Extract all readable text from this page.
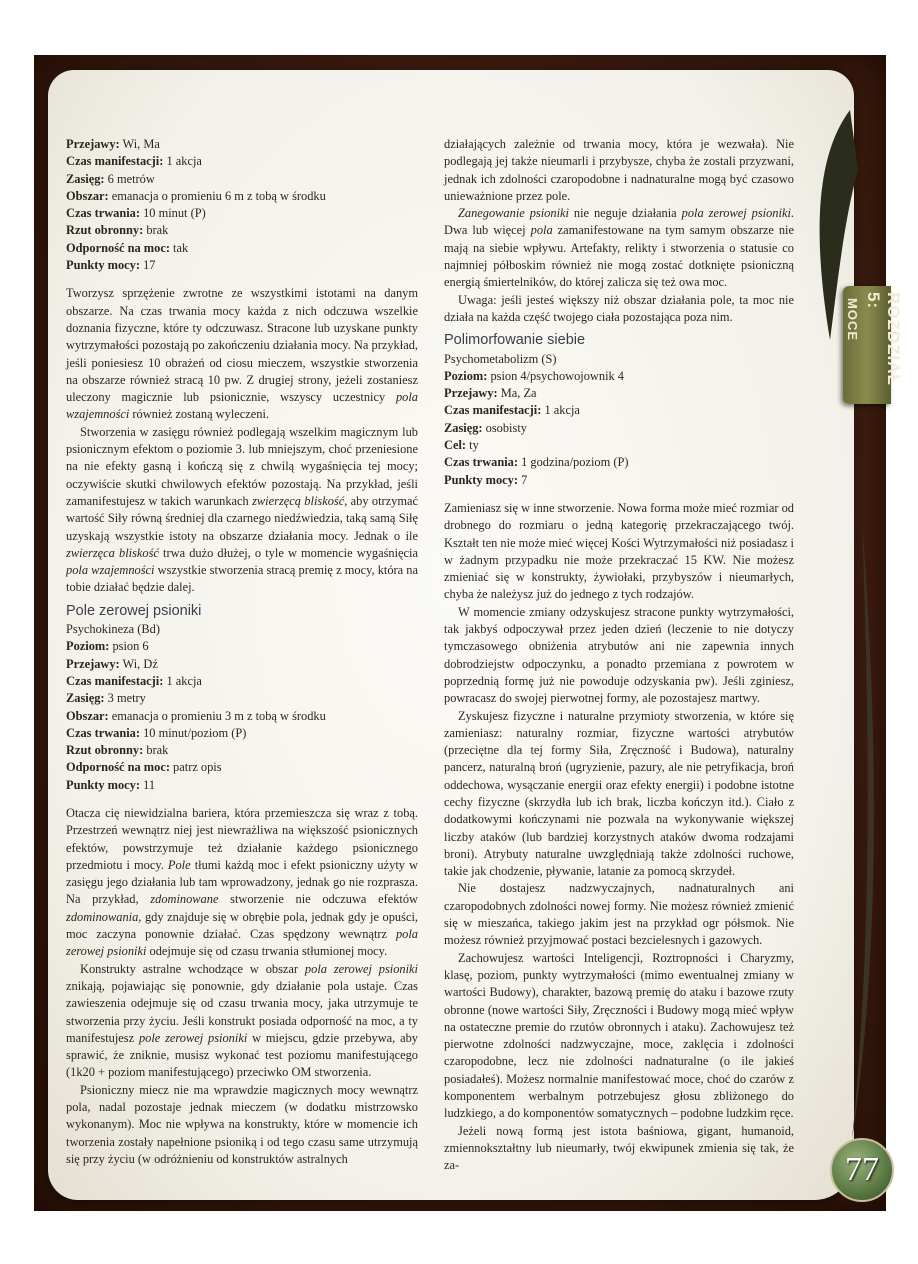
ROZDZIAŁ 5:
MOCE
77

Przejawy: Wi, Ma

Czas manifestacji: 1 akcja

Zasięg: 6 metrów

Obszar: emanacja o promieniu 6 m z tobą w środku

Czas trwania: 10 minut (P)

Rzut obronny: brak

Odporność na moc: tak

Punkty mocy: 17

Tworzysz sprzężenie zwrotne ze wszystkimi istotami na danym obszarze. Na czas trwania mocy każda z nich odczuwa wszelkie doznania fizyczne, które ty odczuwasz. Stracone lub uzyskane punkty wytrzymałości pozostają po zakończeniu działania mocy. Na przykład, jeśli poniesiesz 10 obrażeń od ciosu mieczem, wszystkie stworzenia na obszarze również stracą 10 pw. Z drugiej strony, jeżeli zostaniesz uleczony magicznie lub psionicznie, wszyscy uczestnicy pola wzajemności również zostaną wyleczeni.

Stworzenia w zasięgu również podlegają wszelkim magicznym lub psionicznym efektom o poziomie 3. lub mniejszym, choć przeniesione na nie efekty gasną i kończą się z chwilą wygaśnięcia tej mocy; oczywiście skutki chwilowych efektów pozostają. Na przykład, jeśli zamanifestujesz w takich warunkach zwierzęcą bliskość, aby otrzymać wartość Siły równą średniej dla czarnego niedźwiedzia, taką samą Siłę uzyskają wszystkie istoty na obszarze działania mocy. Jednak o ile zwierzęca bliskość trwa dużo dłużej, o tyle w momencie wygaśnięcia pola wzajemności wszystkie stworzenia stracą premię z mocy, która na tobie działać będzie dalej.

Pole zerowej psioniki

Psychokineza (Bd)

Poziom: psion 6

Przejawy: Wi, Dź

Czas manifestacji: 1 akcja

Zasięg: 3 metry

Obszar: emanacja o promieniu 3 m z tobą w środku

Czas trwania: 10 minut/poziom (P)

Rzut obronny: brak

Odporność na moc: patrz opis

Punkty mocy: 11

Otacza cię niewidzialna bariera, która przemieszcza się wraz z tobą. Przestrzeń wewnątrz niej jest niewrażliwa na większość psionicznych efektów, powstrzymuje też działanie każdego psionicznego przedmiotu i mocy. Pole tłumi każdą moc i efekt psioniczny użyty w zasięgu jego działania lub tam wprowadzony, jednak go nie rozprasza. Na przykład, zdominowane stworzenie nie odczuwa efektów zdominowania, gdy znajduje się w obrębie pola, jednak gdy je opuści, moc zaczyna ponownie działać. Czas spędzony wewnątrz pola zerowej psioniki odejmuje się od czasu trwania stłumionej mocy.

Konstrukty astralne wchodzące w obszar pola zerowej psioniki znikają, pojawiając się ponownie, gdy działanie pola ustaje. Czas zawieszenia odejmuje się od czasu trwania mocy, jaka utrzymuje te stworzenia przy życiu. Jeśli konstrukt posiada odporność na moc, a ty manifestujesz pole zerowej psioniki w miejscu, gdzie przebywa, aby sprawić, że zniknie, musisz wykonać test poziomu manifestującego (1k20 + poziom manifestującego) przeciwko OM stworzenia.

Psioniczny miecz nie ma wprawdzie magicznych mocy wewnątrz pola, nadal pozostaje jednak mieczem (w dodatku mistrzowsko wykonanym). Moc nie wpływa na konstrukty, które w momencie ich tworzenia zostały napełnione psioniką i od tego czasu same utrzymują się przy życiu (w odróżnieniu od konstruktów astralnych

działających zależnie od trwania mocy, która je wezwała). Nie podlegają jej także nieumarli i przybysze, chyba że zostali przyzwani, jednak ich zdolności czaropodobne i nadnaturalne mogą być czasowo unieważnione przez pole.

Zanegowanie psioniki nie neguje działania pola zerowej psioniki. Dwa lub więcej pola zamanifestowane na tym samym obszarze nie mają na siebie wpływu. Artefakty, relikty i stworzenia o statusie co najmniej półboskim również nie mogą zostać dotknięte psioniczną energią śmiertelników, do której zalicza się też owa moc.

Uwaga: jeśli jesteś większy niż obszar działania pole, ta moc nie działa na każda część twojego ciała pozostająca poza nim.

Polimorfowanie siebie

Psychometabolizm (S)

Poziom: psion 4/psychowojownik 4

Przejawy: Ma, Za

Czas manifestacji: 1 akcja

Zasięg: osobisty

Cel: ty

Czas trwania: 1 godzina/poziom (P)

Punkty mocy: 7

Zamieniasz się w inne stworzenie. Nowa forma może mieć rozmiar od drobnego do rozmiaru o jedną kategorię przekraczającego twój. Kształt ten nie może mieć więcej Kości Wytrzymałości niż posiadasz i w żadnym przypadku nie może przekraczać 15 KW. Nie możesz zmieniać się w konstrukty, żywiołaki, przybyszów i nieumarłych, chyba że należysz już do jednego z tych rodzajów.

W momencie zmiany odzyskujesz stracone punkty wytrzymałości, tak jakbyś odpoczywał przez jeden dzień (leczenie to nie dotyczy tymczasowego obniżenia atrybutów ani nie zapewnia innych dobrodziejstw odpoczynku, a ponadto przemiana z powrotem w poprzednią formę już nie powoduje odzyskania pw). Jeśli zginiesz, powracasz do swojej pierwotnej formy, ale pozostajesz martwy.

Zyskujesz fizyczne i naturalne przymioty stworzenia, w które się zamieniasz: naturalny rozmiar, fizyczne wartości atrybutów (przeciętne dla tej formy Siła, Zręczność i Budowa), naturalny pancerz, naturalną broń (ugryzienie, pazury, ale nie petryfikacja, broń oddechowa, wysączanie energii oraz efekty energii) i podobne istotne cechy fizyczne (skrzydła lub ich brak, liczba kończyn itd.). Ciało z dodatkowymi kończynami nie pozwala na wykonywanie większej liczby ataków (lub bardziej korzystnych ataków dwoma rodzajami broni). Atrybuty naturalne uwzględniają także zdolności ruchowe, takie jak chodzenie, pływanie, latanie za pomocą skrzydeł.

Nie dostajesz nadzwyczajnych, nadnaturalnych ani czaropodobnych zdolności nowej formy. Nie możesz również zmienić się w mieszańca, takiego jakim jest na przykład ogr półsmok. Nie możesz również przyjmować postaci bezcielesnych i gazowych.

Zachowujesz wartości Inteligencji, Roztropności i Charyzmy, klasę, poziom, punkty wytrzymałości (mimo ewentualnej zmiany w wartości Budowy), charakter, bazową premię do ataku i bazowe rzuty obronne (nowe wartości Siły, Zręczności i Budowy mogą mieć wpływ na ostateczne premie do rzutów obronnych i ataku). Zachowujesz też pierwotne zdolności nadzwyczajne, moce, zaklęcia i zdolności czaropodobne, lecz nie zdolności nadnaturalne (o ile jakieś posiadałeś). Możesz normalnie manifestować moce, choć do czarów z komponentem werbalnym potrzebujesz głosu zbliżonego do ludzkiego, a do komponentów somatycznych – podobne ludzkim ręce.

Jeżeli nową formą jest istota baśniowa, gigant, humanoid, zmiennokształtny lub nieumarły, twój ekwipunek zmienia się tak, że za-
